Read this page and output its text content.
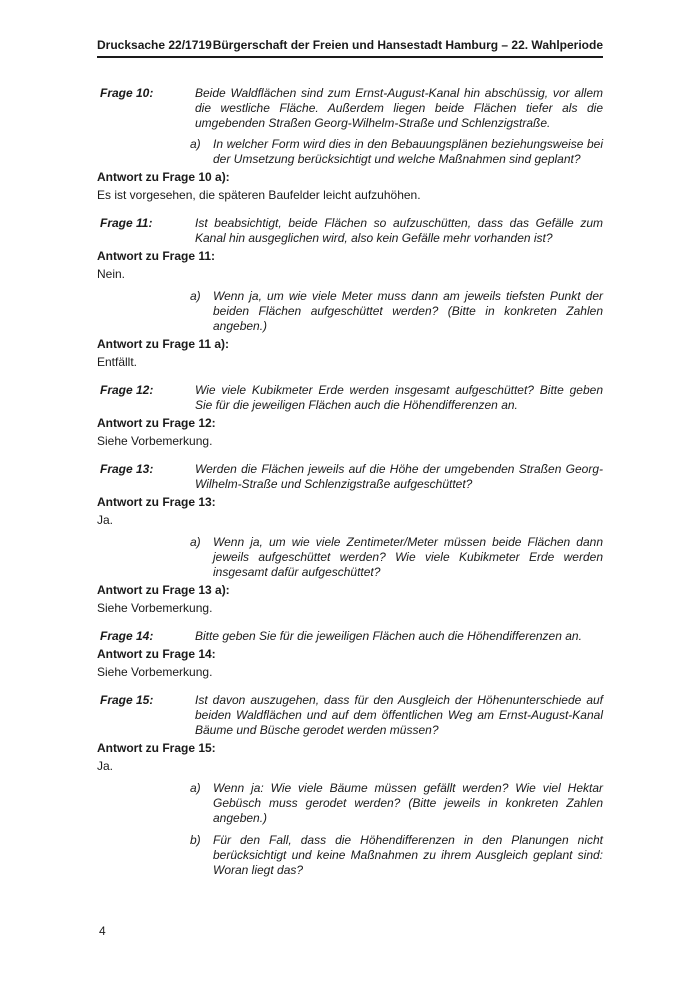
Drucksache 22/1719 Bürgerschaft der Freien und Hansestadt Hamburg – 22. Wahlperiode
Frage 10:	Beide Waldflächen sind zum Ernst-August-Kanal hin abschüssig, vor allem die westliche Fläche. Außerdem liegen beide Flächen tiefer als die umgebenden Straßen Georg-Wilhelm-Straße und Schlenzigstraße.
a)	In welcher Form wird dies in den Bebauungsplänen beziehungsweise bei der Umsetzung berücksichtigt und welche Maßnahmen sind geplant?
Antwort zu Frage 10 a):
Es ist vorgesehen, die späteren Baufelder leicht aufzuhöhen.
Frage 11:	Ist beabsichtigt, beide Flächen so aufzuschütten, dass das Gefälle zum Kanal hin ausgeglichen wird, also kein Gefälle mehr vorhanden ist?
Antwort zu Frage 11:
Nein.
a)	Wenn ja, um wie viele Meter muss dann am jeweils tiefsten Punkt der beiden Flächen aufgeschüttet werden? (Bitte in konkreten Zahlen angeben.)
Antwort zu Frage 11 a):
Entfällt.
Frage 12:	Wie viele Kubikmeter Erde werden insgesamt aufgeschüttet? Bitte geben Sie für die jeweiligen Flächen auch die Höhendifferenzen an.
Antwort zu Frage 12:
Siehe Vorbemerkung.
Frage 13:	Werden die Flächen jeweils auf die Höhe der umgebenden Straßen Georg-Wilhelm-Straße und Schlenzigstraße aufgeschüttet?
Antwort zu Frage 13:
Ja.
a)	Wenn ja, um wie viele Zentimeter/Meter müssen beide Flächen dann jeweils aufgeschüttet werden? Wie viele Kubikmeter Erde werden insgesamt dafür aufgeschüttet?
Antwort zu Frage 13 a):
Siehe Vorbemerkung.
Frage 14:	Bitte geben Sie für die jeweiligen Flächen auch die Höhendifferenzen an.
Antwort zu Frage 14:
Siehe Vorbemerkung.
Frage 15:	Ist davon auszugehen, dass für den Ausgleich der Höhenunterschiede auf beiden Waldflächen und auf dem öffentlichen Weg am Ernst-August-Kanal Bäume und Büsche gerodet werden müssen?
Antwort zu Frage 15:
Ja.
a)	Wenn ja: Wie viele Bäume müssen gefällt werden? Wie viel Hektar Gebüsch muss gerodet werden? (Bitte jeweils in konkreten Zahlen angeben.)
b)	Für den Fall, dass die Höhendifferenzen in den Planungen nicht berücksichtigt und keine Maßnahmen zu ihrem Ausgleich geplant sind: Woran liegt das?
4
